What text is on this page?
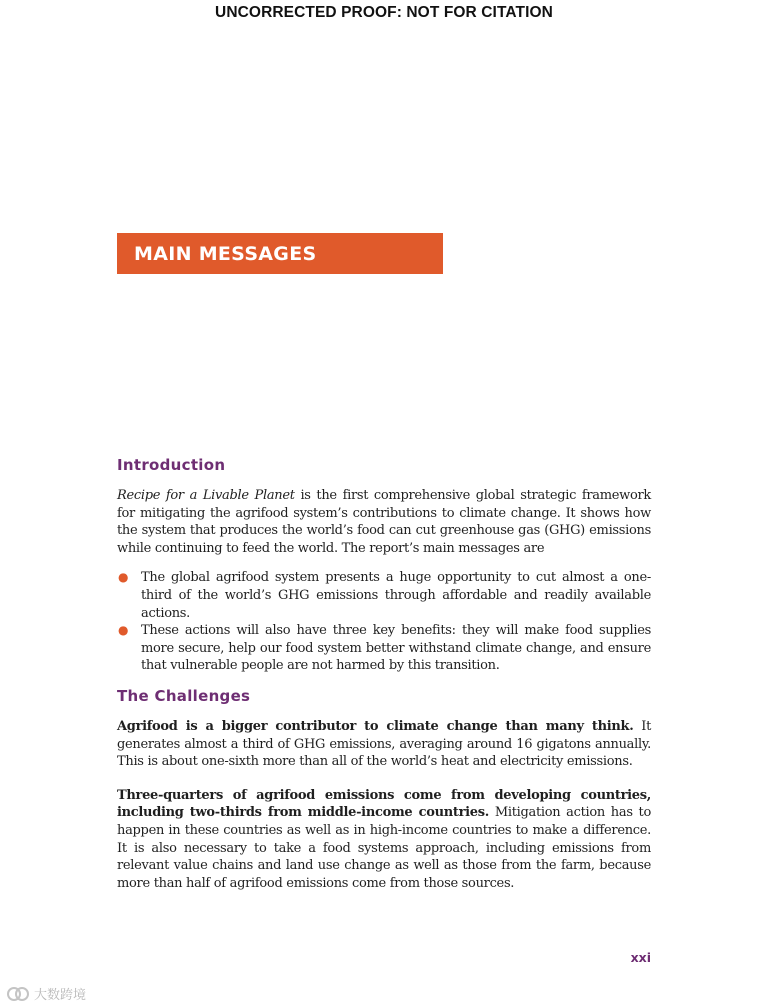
UNCORRECTED PROOF: NOT FOR CITATION
MAIN MESSAGES
Introduction

Recipe for a Livable Planet is the first comprehensive global strategic framework for mitigating the agrifood system’s contributions to climate change. It shows how the system that produces the world’s food can cut greenhouse gas (GHG) emissions while continuing to feed the world. The report’s main messages are

● The global agrifood system presents a huge opportunity to cut almost a one-third of the world’s GHG emissions through affordable and readily available actions.
● These actions will also have three key benefits: they will make food supplies more secure, help our food system better withstand climate change, and ensure that vulnerable people are not harmed by this transition.
The Challenges

Agrifood is a bigger contributor to climate change than many think. It generates almost a third of GHG emissions, averaging around 16 gigatons annually. This is about one-sixth more than all of the world’s heat and electricity emissions.

Three-quarters of agrifood emissions come from developing countries, including two-thirds from middle-income countries. Mitigation action has to happen in these countries as well as in high-income countries to make a difference. It is also necessary to take a food systems approach, including emissions from relevant value chains and land use change as well as those from the farm, because more than half of agrifood emissions come from those sources.

xxi
大数跨境
